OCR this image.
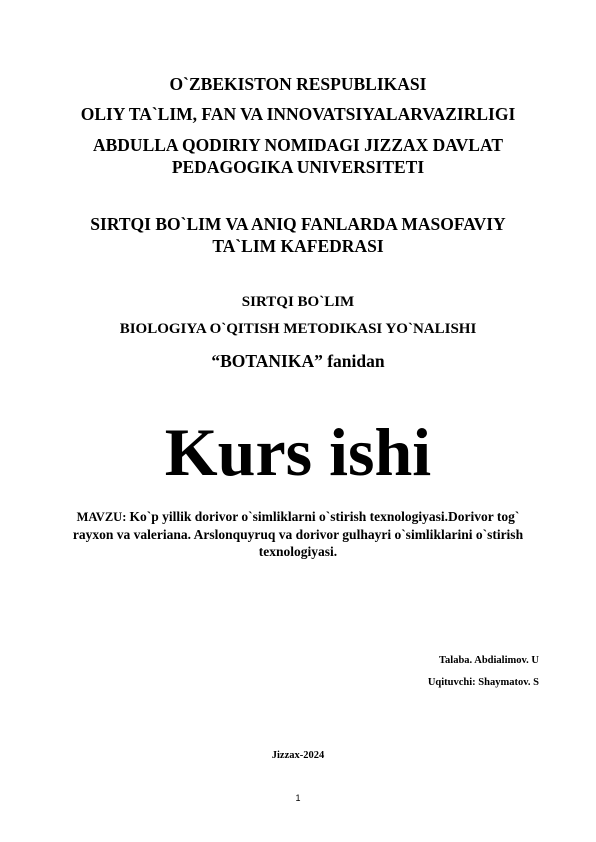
O`ZBEKISTON RESPUBLIKASI
OLIY TA`LIM, FAN VA INNOVATSIYALARVAZIRLIGI
ABDULLA QODIRIY NOMIDAGI JIZZAX DAVLAT
PEDAGOGIKA UNIVERSITETI
SIRTQI BO`LIM VA ANIQ FANLARDA MASOFAVIY
TA`LIM KAFEDRASI
SIRTQI BO`LIM
BIOLOGIYA O`QITISH METODIKASI YO`NALISHI
“BOTANIKA” fanidan
Kurs ishi
MAVZU: Ko`p yillik dorivor o`simliklarni o`stirish texnologiyasi.Dorivor tog` rayxon va valeriana. Arslonquyruq va dorivor gulhayri o`simliklarini o`stirish texnologiyasi.
Talaba. Abdialimov. U
Uqituvchi: Shaymatov. S
Jizzax-2024
1
